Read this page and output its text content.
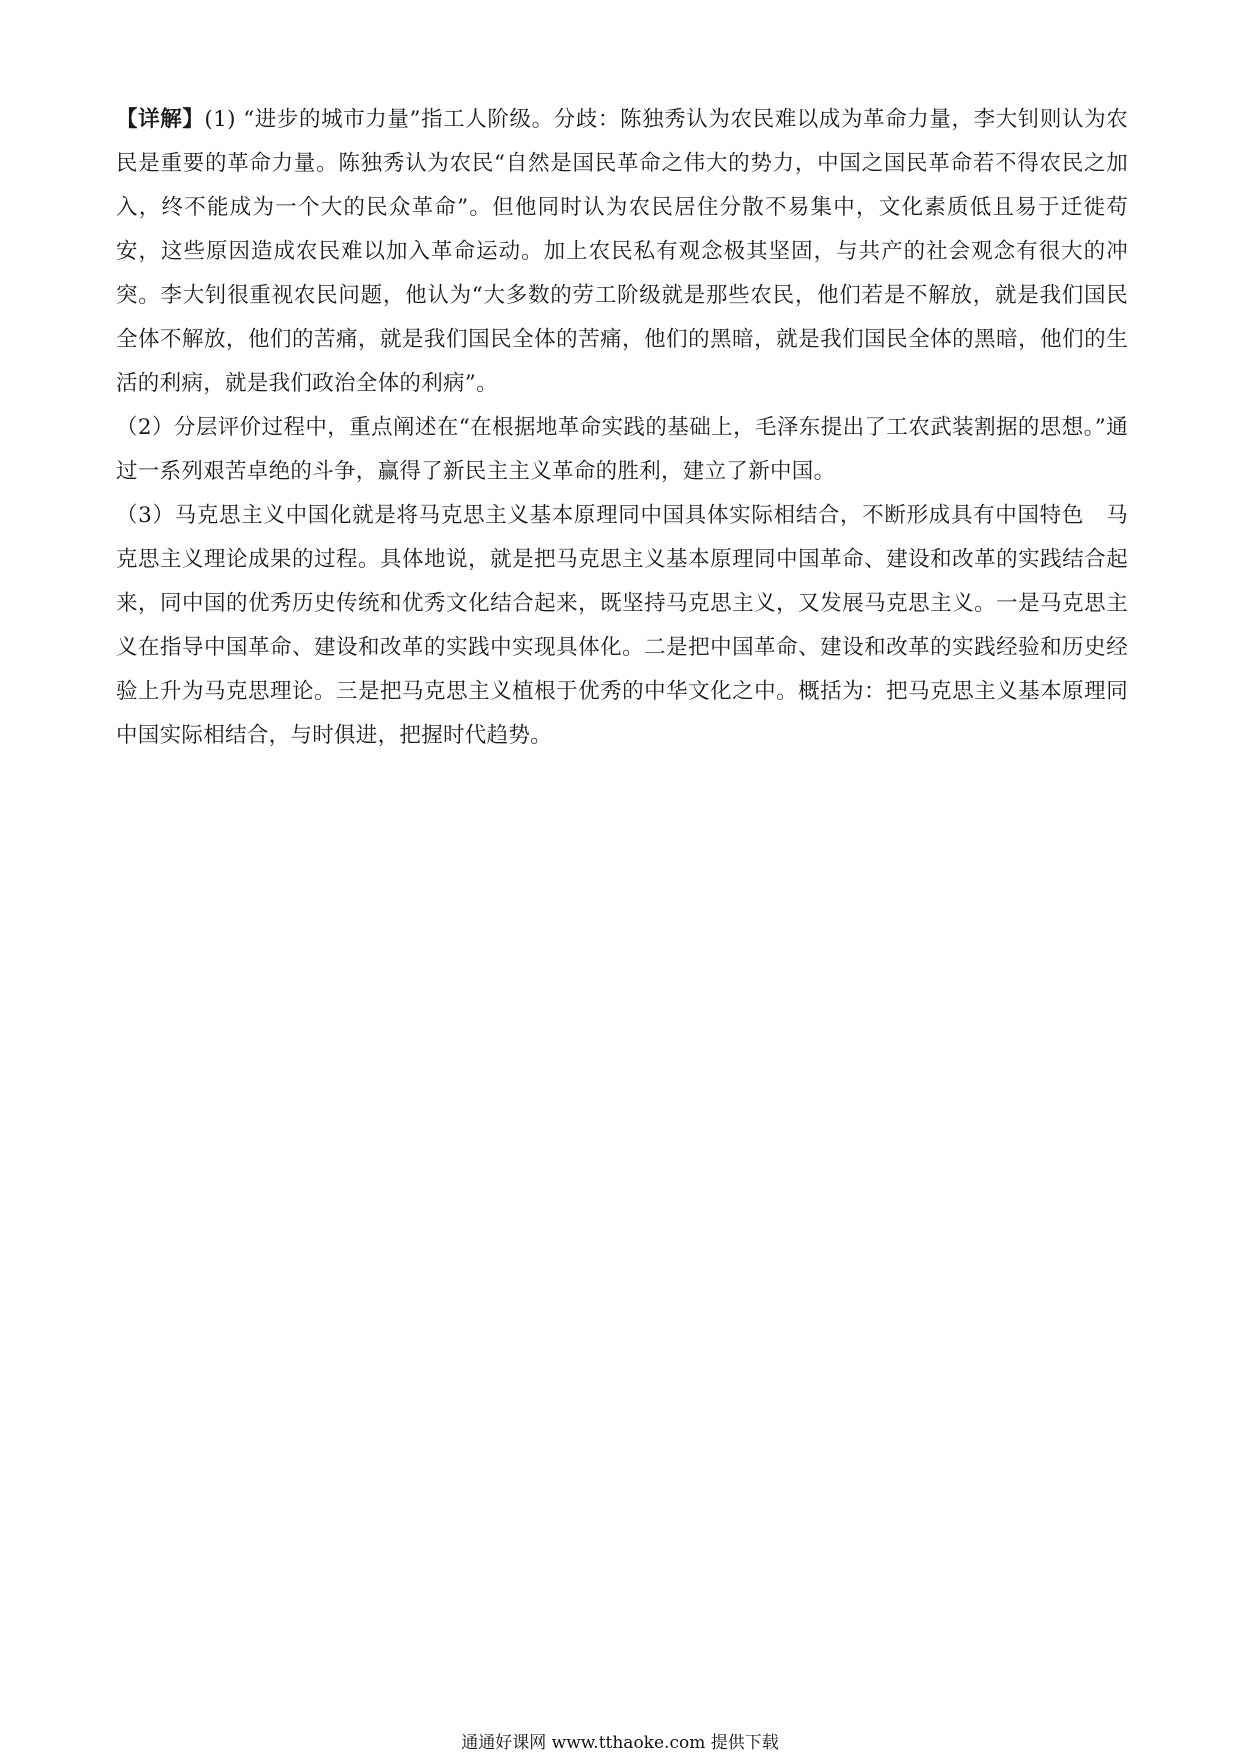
【详解】(1) “进步的城市力量”指工人阶级。分歧：陈独秀认为农民难以成为革命力量，李大钊则认为农民是重要的革命力量。陈独秀认为农民“自然是国民革命之伟大的势力，中国之国民革命若不得农民之加入，终不能成为一个大的民众革命”。但他同时认为农民居住分散不易集中，文化素质低且易于迁徙苟安，这些原因造成农民难以加入革命运动。加上农民私有观念极其坚固，与共产的社会观念有很大的冲突。李大钊很重视农民问题，他认为“大多数的劳工阶级就是那些农民，他们若是不解放，就是我们国民全体不解放，他们的苦痛，就是我们国民全体的苦痛，他们的黑暗，就是我们国民全体的黑暗，他们的生活的利病，就是我们政治全体的利病”。

（2）分层评价过程中，重点阐述在“在根据地革命实践的基础上，毛泽东提出了工农武装割据的思想。”通过一系列艰苦卓绝的斗争，赢得了新民主主义革命的胜利，建立了新中国。

（3）马克思主义中国化就是将马克思主义基本原理同中国具体实际相结合，不断形成具有中国特色　马克思主义理论成果的过程。具体地说，就是把马克思主义基本原理同中国革命、建设和改革的实践结合起来，同中国的优秀历史传统和优秀文化结合起来，既坚持马克思主义，又发展马克思主义。一是马克思主义在指导中国革命、建设和改革的实践中实现具体化。二是把中国革命、建设和改革的实践经验和历史经验上升为马克思理论。三是把马克思主义植根于优秀的中华文化之中。概括为：把马克思主义基本原理同中国实际相结合，与时俱进，把握时代趋势。

通通好课网 www.tthaoke.com 提供下载
